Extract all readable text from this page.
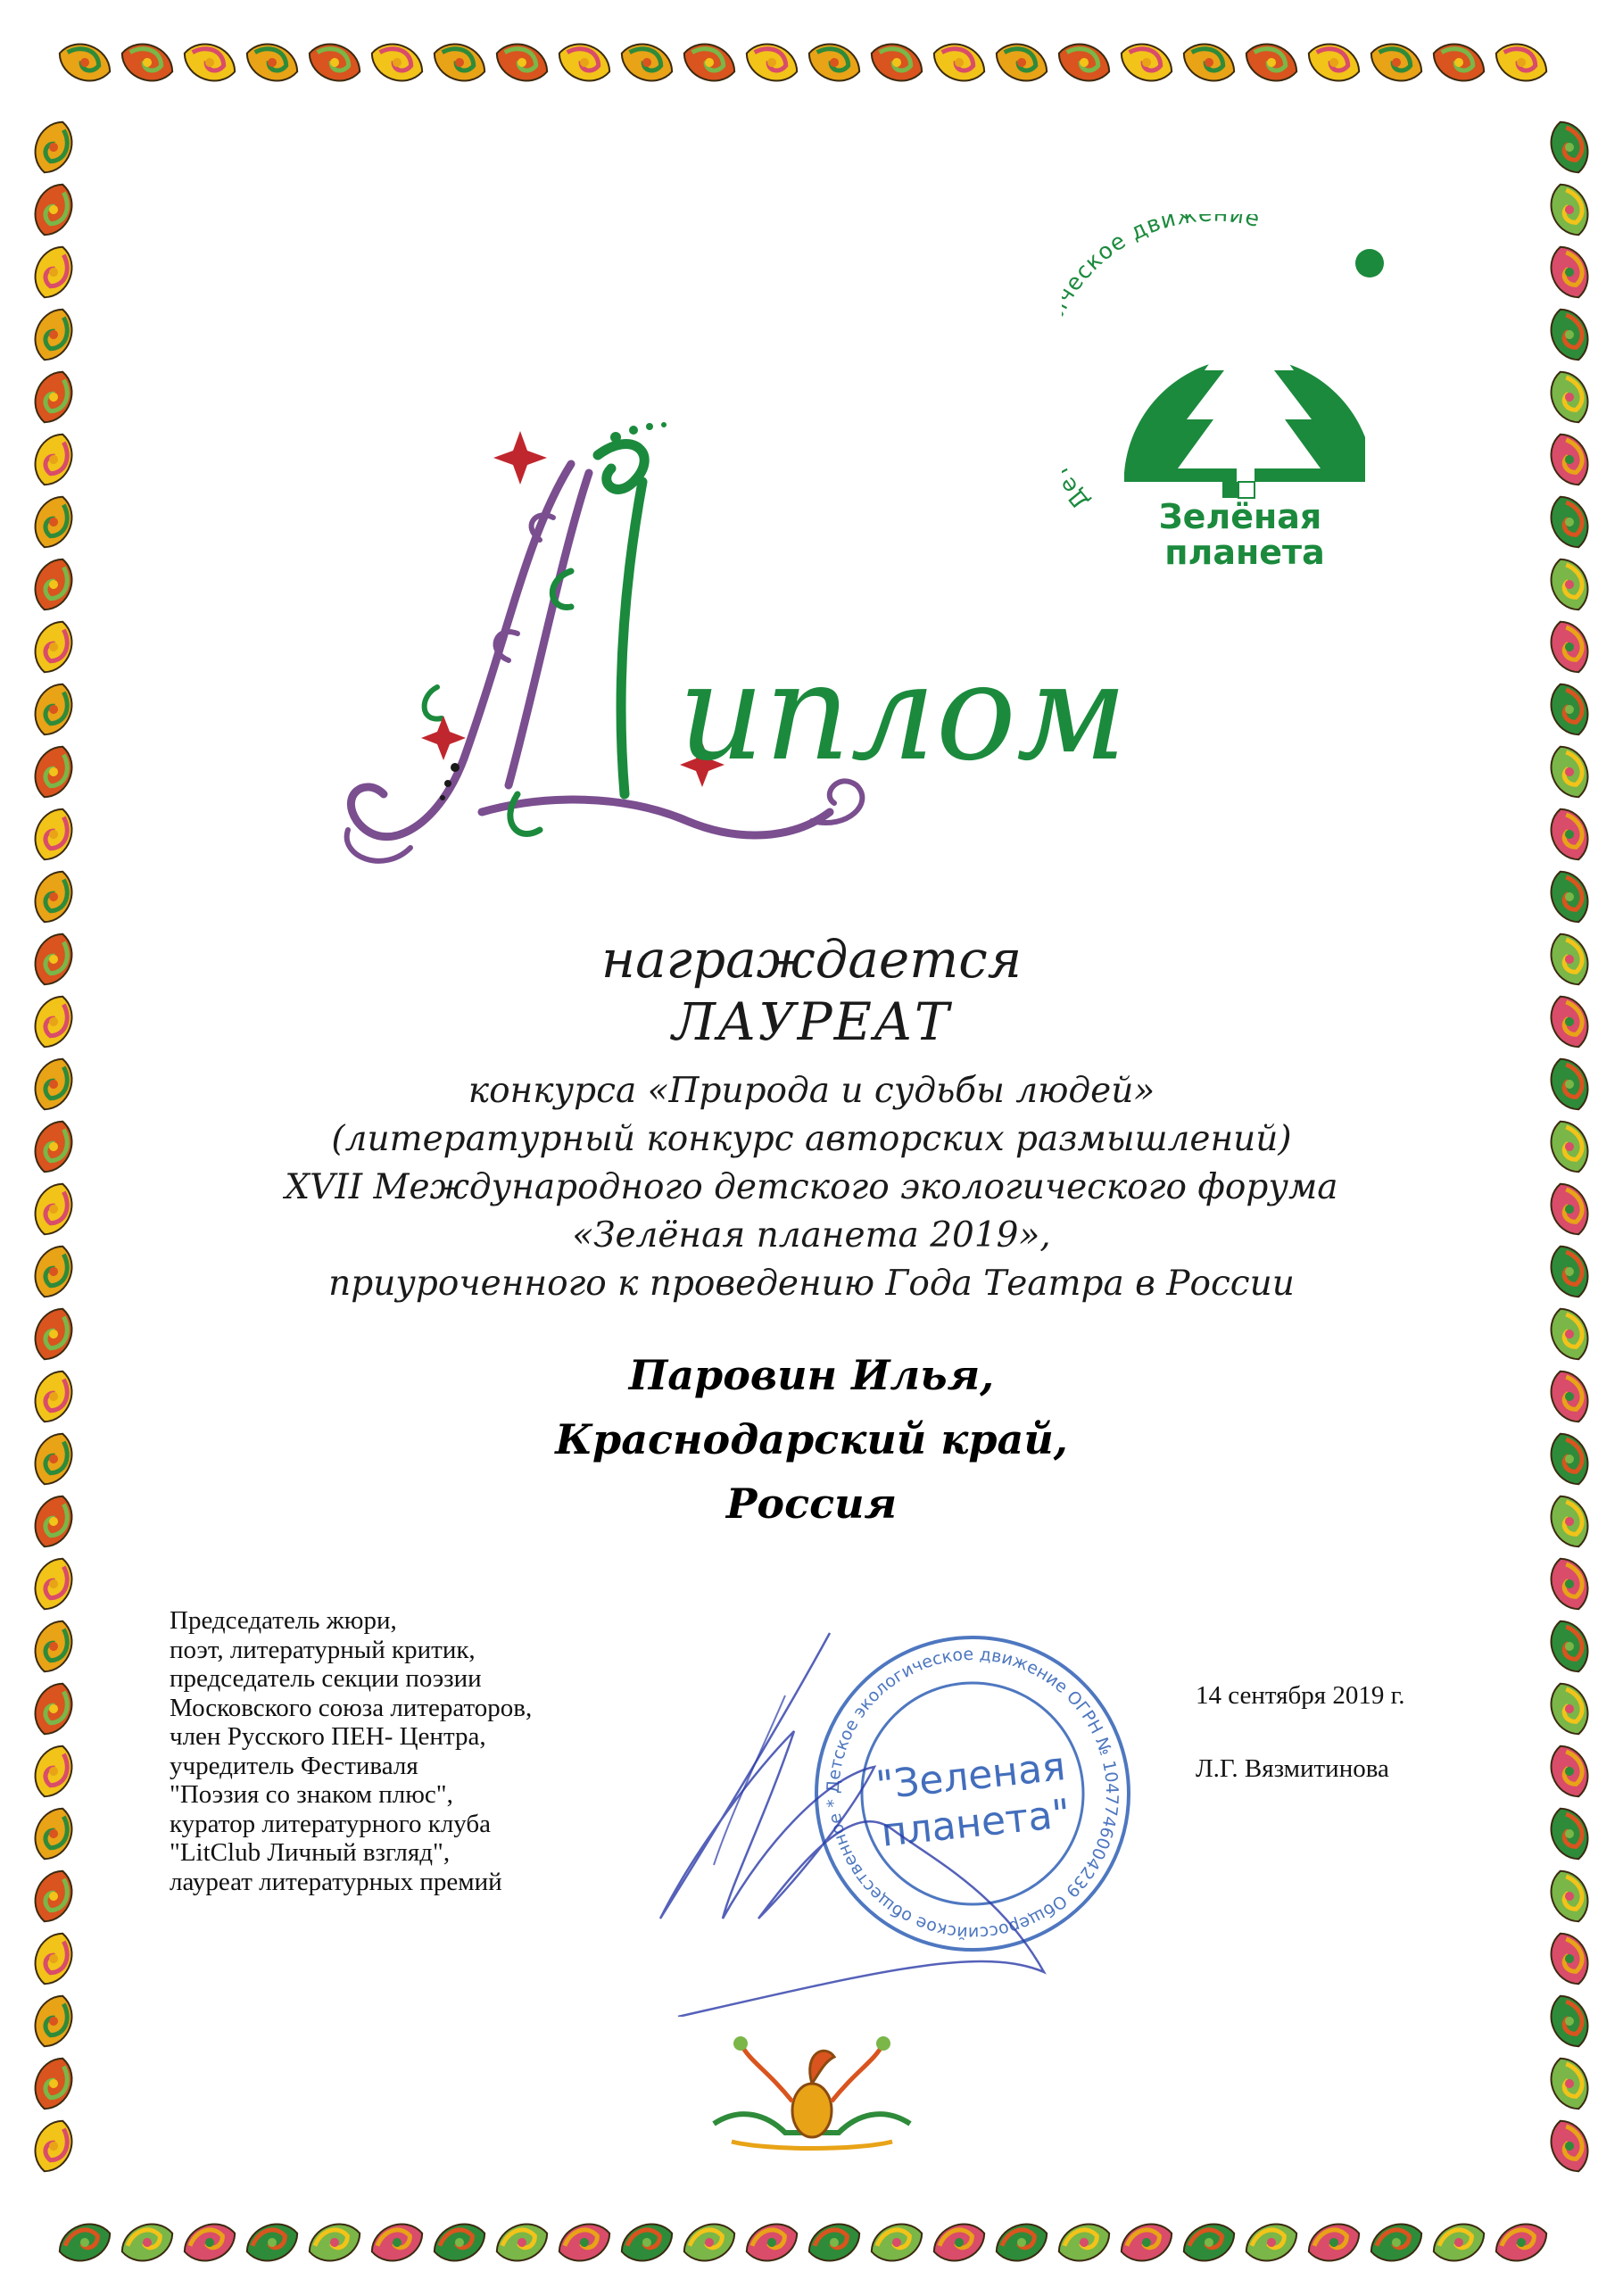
Д еское движ ие
Зелёная
планета
иплом
награждается
ЛАУРЕАТ
конкурса «Природа и судьбы людей»
(литературный конкурс авторских размышлений)
XVII Международного детского экологического форума
«Зелёная планета 2019»,
приуроченного к проведению Года Театра в России
Паровин Илья,
Краснодарский край,
Россия
Председатель жюри,
поэт, литературный критик,
председатель секции поэзии
Московского союза литераторов,
член Русского ПЕН- Центра,
учредитель Фестиваля
"Поэзия со знаком плюс",
куратор литературного клуба
"LitClub Личный взгляд",
лауреат литературных премий
Детское экологическое движение ОГРН № 1047746004239 Общероссийское общественное * "Зеленая
планета"
14 сентября 2019 г.
Л.Г. Вязмитинова
